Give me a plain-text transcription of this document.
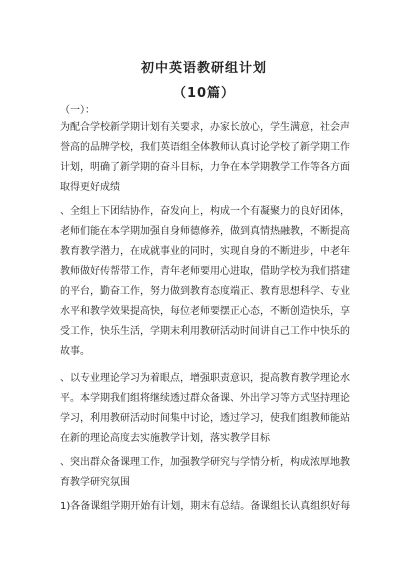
初中英语教研组计划
（10篇）
（一）：
为配合学校新学期计划有关要求，办家长放心，学生满意，社会声
誉高的品牌学校，我们英语组全体教师认真讨论学校了新学期工作
计划，明确了新学期的奋斗目标，力争在本学期教学工作等各方面
取得更好成绩
、全组上下团结协作，奋发向上，构成一个有凝聚力的良好团体，
老师们能在本学期加强自身师德修养，做到真情热融教，不断提高
教育教学潜力，在成就事业的同时，实现自身的不断进步，中老年
教师做好传帮带工作，青年老师要用心进取，借助学校为我们搭建
的平台，勤奋工作，努力做到教育态度端正、教育思想科学、专业
水平和教学效果提高快，每位老师要摆正心态，不断创造快乐，享
受工作，快乐生活，学期末利用教研活动时间讲自己工作中快乐的
故事。
、以专业理论学习为着眼点，增强职责意识，提高教育教学理论水
平。本学期我们组将继续透过群众备课、外出学习等方式坚持理论
学习，利用教研活动时间集中讨论，透过学习，使我们组教师能站
在新的理论高度去实施教学计划，落实教学目标
、突出群众备课理工作，加强教学研究与学情分析，构成浓厚地教
育教学研究氛围
1)各备课组学期开始有计划，期末有总结。备课组长认真组织好每
